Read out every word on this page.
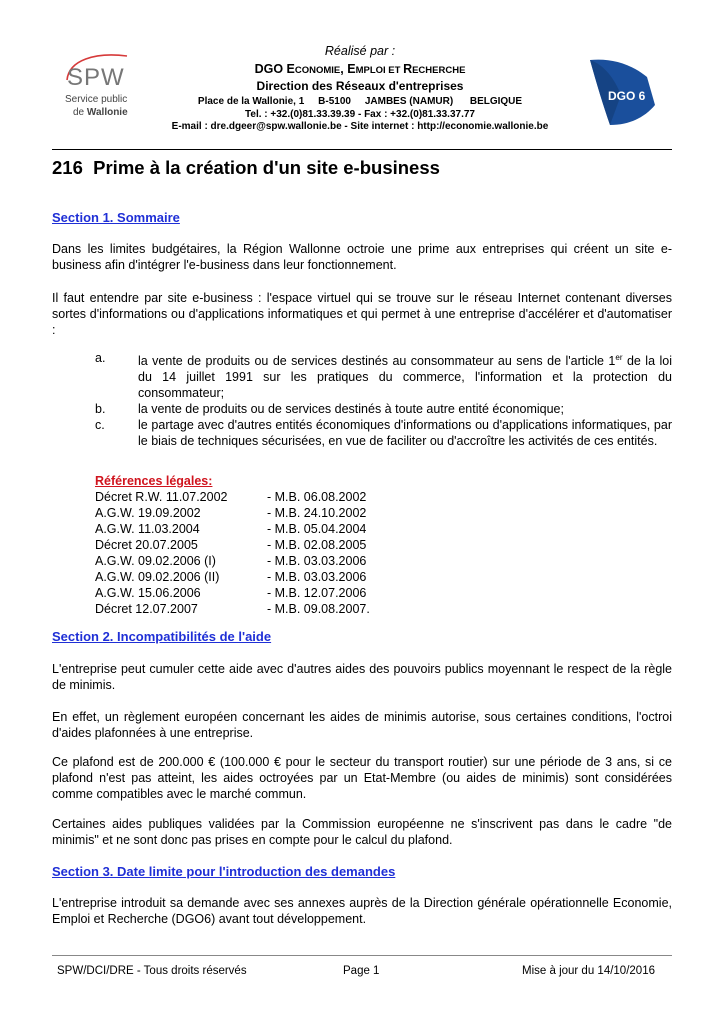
SPW
Service public
de Wallonie
DGO 6
Réalisé par :
DGO ECONOMIE, EMPLOI ET RECHERCHE
Direction des Réseaux d'entreprises
Place de la Wallonie, 1     B-5100     JAMBES (NAMUR)      BELGIQUE
Tel. : +32.(0)81.33.39.39 - Fax : +32.(0)81.33.37.77
E-mail : dre.dgeer@spw.wallonie.be - Site internet : http://economie.wallonie.be
216  Prime à la création d'un site e-business
Section 1. Sommaire
Dans les limites budgétaires, la Région Wallonne octroie une prime aux entreprises qui créent un site e-business afin d'intégrer l'e-business dans leur fonctionnement.
Il faut entendre par site e-business : l'espace virtuel qui se trouve sur le réseau Internet contenant diverses sortes d'informations ou d'applications informatiques et qui permet à une entreprise d'accélérer et d'automatiser :
a.	la vente de produits ou de services destinés au consommateur au sens de l'article 1er de la loi du 14 juillet 1991 sur les pratiques du commerce, l'information et la protection du consommateur;
b.	la vente de produits ou de services destinés à toute autre entité économique;
c.	le partage avec d'autres entités économiques d'informations ou d'applications informatiques, par le biais de techniques sécurisées, en vue de faciliter ou d'accroître les activités de ces entités.
Références légales:
Décret R.W. 11.07.2002	- M.B. 06.08.2002
A.G.W. 19.09.2002	- M.B. 24.10.2002
A.G.W. 11.03.2004	- M.B. 05.04.2004
Décret 20.07.2005	- M.B. 02.08.2005
A.G.W. 09.02.2006 (I)	- M.B. 03.03.2006
A.G.W. 09.02.2006 (II)	- M.B. 03.03.2006
A.G.W. 15.06.2006	- M.B. 12.07.2006
Décret 12.07.2007	- M.B. 09.08.2007.
Section 2. Incompatibilités de l'aide
L'entreprise peut cumuler cette aide avec d'autres aides des pouvoirs publics moyennant le respect de la règle de minimis.
En effet, un règlement européen concernant les aides de minimis autorise, sous certaines conditions, l'octroi d'aides plafonnées à une entreprise.
Ce plafond est de 200.000 € (100.000 € pour le secteur du transport routier) sur une période de 3 ans, si ce plafond n'est pas atteint, les aides octroyées par un Etat-Membre (ou aides de minimis) sont considérées comme compatibles avec le marché commun.
Certaines aides publiques validées par la Commission européenne ne s'inscrivent pas dans le cadre "de minimis" et ne sont donc pas prises en compte pour le calcul du plafond.
Section 3. Date limite pour l'introduction des demandes
L'entreprise introduit sa demande avec ses annexes auprès de la Direction générale opérationnelle Economie, Emploi et Recherche (DGO6) avant tout développement.
SPW/DCI/DRE - Tous droits réservés	Page 1	Mise à jour du 14/10/2016
